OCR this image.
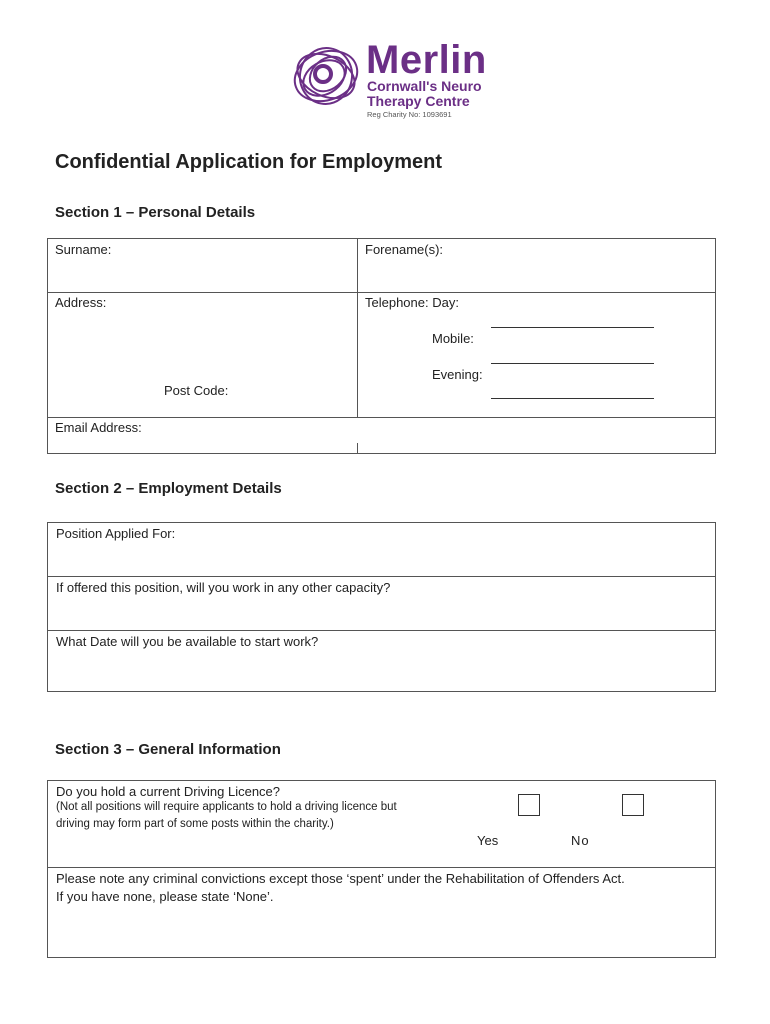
Merlin
Cornwall's Neuro
Therapy Centre
Reg Charity No: 1093691
Confidential Application for Employment
Section 1 – Personal Details
Surname:	Forename(s):
Address:
Post Code:
Telephone: Day:
Mobile:
Evening:
Email Address:
Section 2 – Employment Details
Position Applied For:
If offered this position, will you work in any other capacity?
What Date will you be available to start work?
Section 3 – General Information
Do you hold a current Driving Licence?
(Not all positions will require applicants to hold a driving licence but
driving may form part of some posts within the charity.)
Yes	No
Please note any criminal convictions except those ‘spent’ under the Rehabilitation of Offenders Act.
If you have none, please state ‘None’.
